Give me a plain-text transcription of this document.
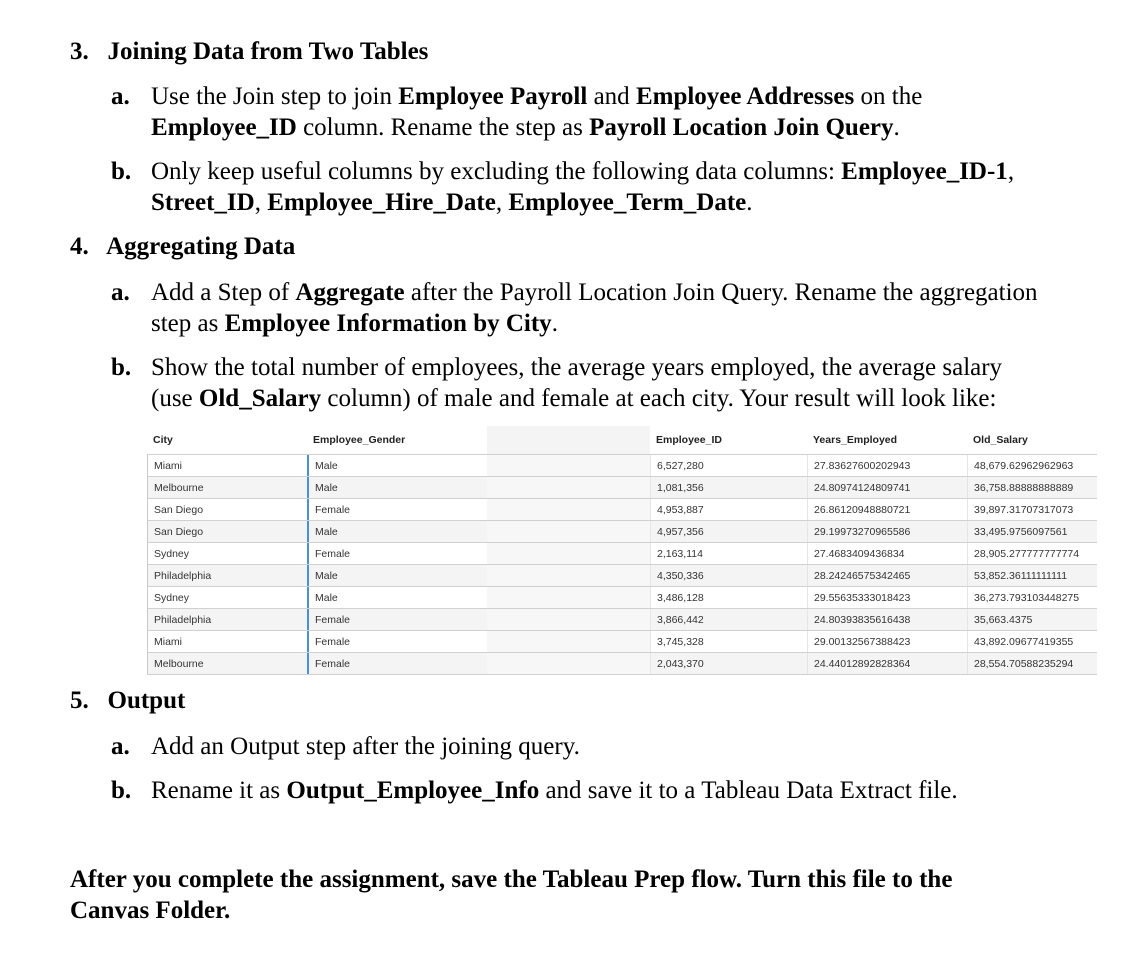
3. Joining Data from Two Tables
a. Use the Join step to join Employee Payroll and Employee Addresses on the
Employee_ID column. Rename the step as Payroll Location Join Query.
b. Only keep useful columns by excluding the following data columns: Employee_ID-1,
Street_ID, Employee_Hire_Date, Employee_Term_Date.
4. Aggregating Data
a. Add a Step of Aggregate after the Payroll Location Join Query. Rename the aggregation
step as Employee Information by City.
b. Show the total number of employees, the average years employed, the average salary
(use Old_Salary column) of male and female at each city. Your result will look like:
City	Employee_Gender	Employee_ID	Years_Employed	Old_Salary
Miami	Male	6,527,280	27.83627600202943	48,679.62962962963
Melbourne	Male	1,081,356	24.80974124809741	36,758.88888888889
San Diego	Female	4,953,887	26.86120948880721	39,897.31707317073
San Diego	Male	4,957,356	29.19973270965586	33,495.9756097561
Sydney	Female	2,163,114	27.4683409436834	28,905.277777777774
Philadelphia	Male	4,350,336	28.24246575342465	53,852.36111111111
Sydney	Male	3,486,128	29.55635333018423	36,273.793103448275
Philadelphia	Female	3,866,442	24.80393835616438	35,663.4375
Miami	Female	3,745,328	29.00132567388423	43,892.09677419355
Melbourne	Female	2,043,370	24.44012892828364	28,554.70588235294
5. Output
a. Add an Output step after the joining query.
b. Rename it as Output_Employee_Info and save it to a Tableau Data Extract file.
After you complete the assignment, save the Tableau Prep flow. Turn this file to the
Canvas Folder.
